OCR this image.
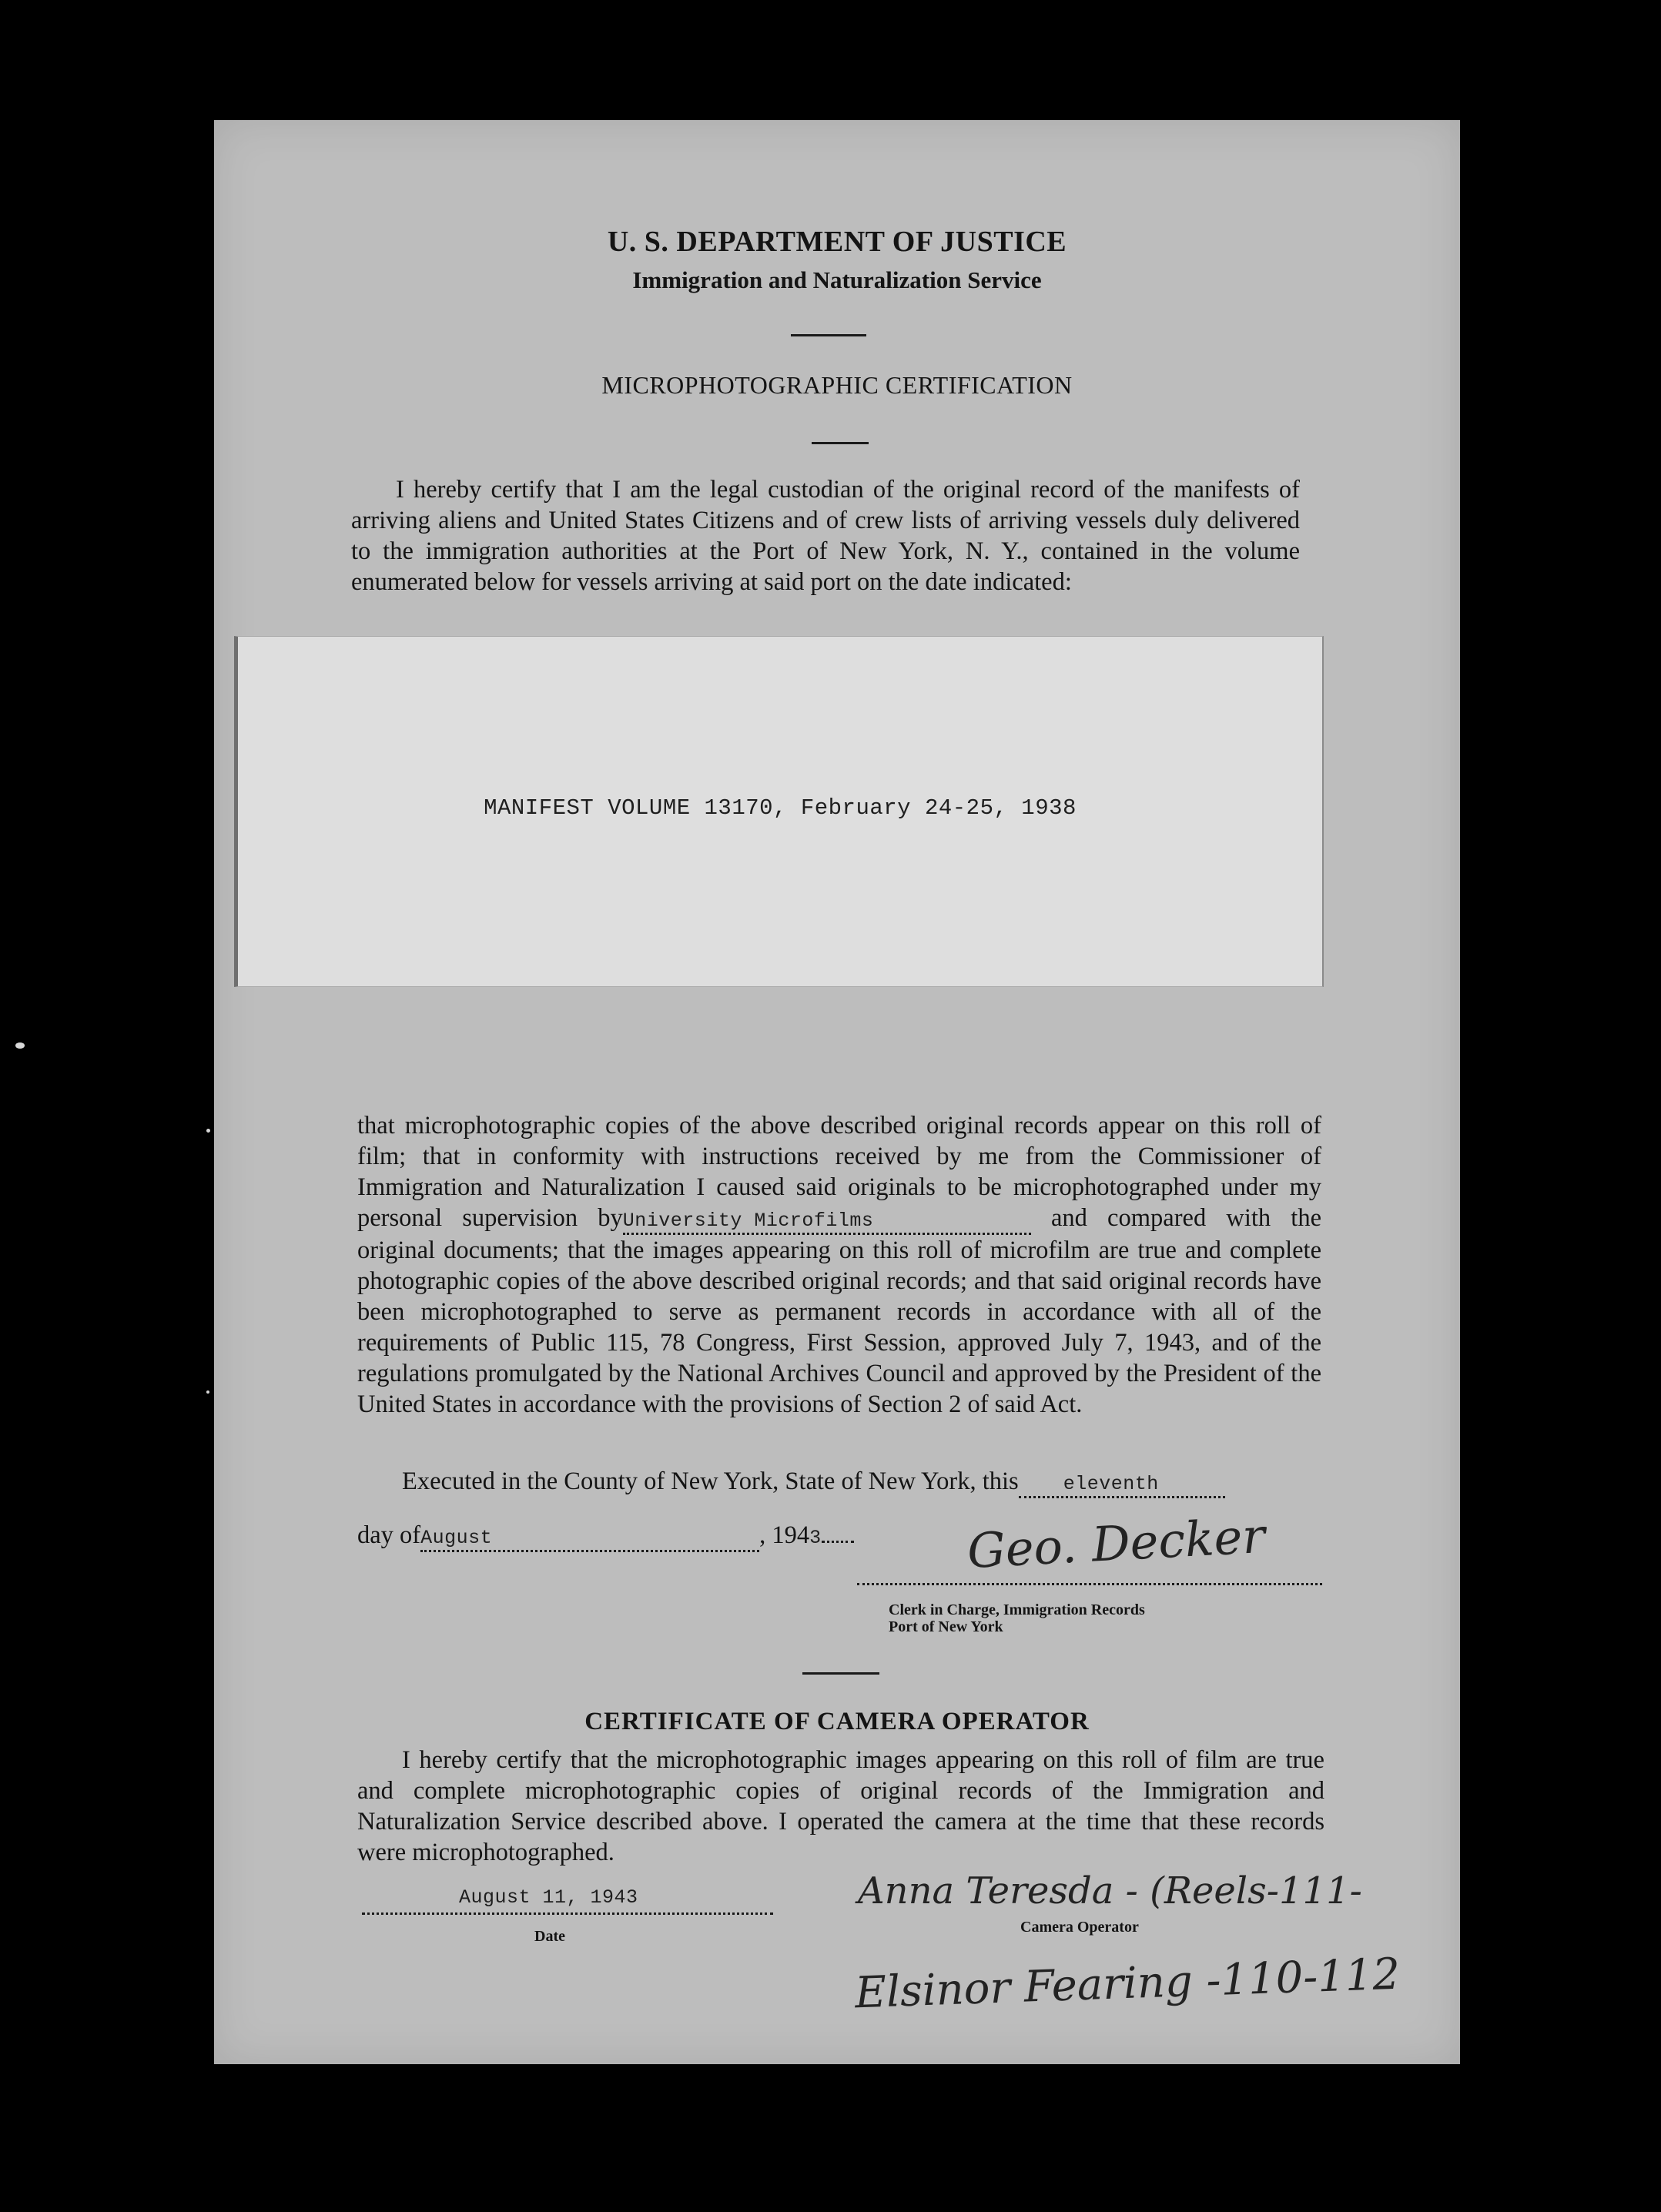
U. S. DEPARTMENT OF JUSTICE
Immigration and Naturalization Service
MICROPHOTOGRAPHIC CERTIFICATION

I hereby certify that I am the legal custodian of the original record of the manifests of arriving aliens and United States Citizens and of crew lists of arriving vessels duly delivered to the immigration authorities at the Port of New York, N. Y., contained in the volume enumerated below for vessels arriving at said port on the date indicated:

MANIFEST VOLUME 13170, February 24-25, 1938

that microphotographic copies of the above described original records appear on this roll of film; that in conformity with instructions received by me from the Commissioner of Immigration and Naturalization I caused said originals to be microphotographed under my personal supervision byUniversity Microfilms	and compared with the original documents; that the images appearing on this roll of microfilm are true and complete photographic copies of the above described original records; and that said original records have been microphotographed to serve as permanent records in accordance with all of the requirements of Public 115, 78 Congress, First Session, approved July 7, 1943, and of the regulations promulgated by the National Archives Council and approved by the President of the United States in accordance with the provisions of Section 2 of said Act.

Executed in the County of New York, State of New York, this eleventh

day ofAugust	, 1943	Geo. Decker
Clerk in Charge, Immigration Records
Port of New York
CERTIFICATE OF CAMERA OPERATOR

I hereby certify that the microphotographic images appearing on this roll of film are true and complete microphotographic copies of original records of the Immigration and Naturalization Service described above. I operated the camera at the time that these records were microphotographed.

August 11, 1943
Date
Anna Teresda - (Reels-111-
Camera Operator
Elsinor Fearing -110-112
